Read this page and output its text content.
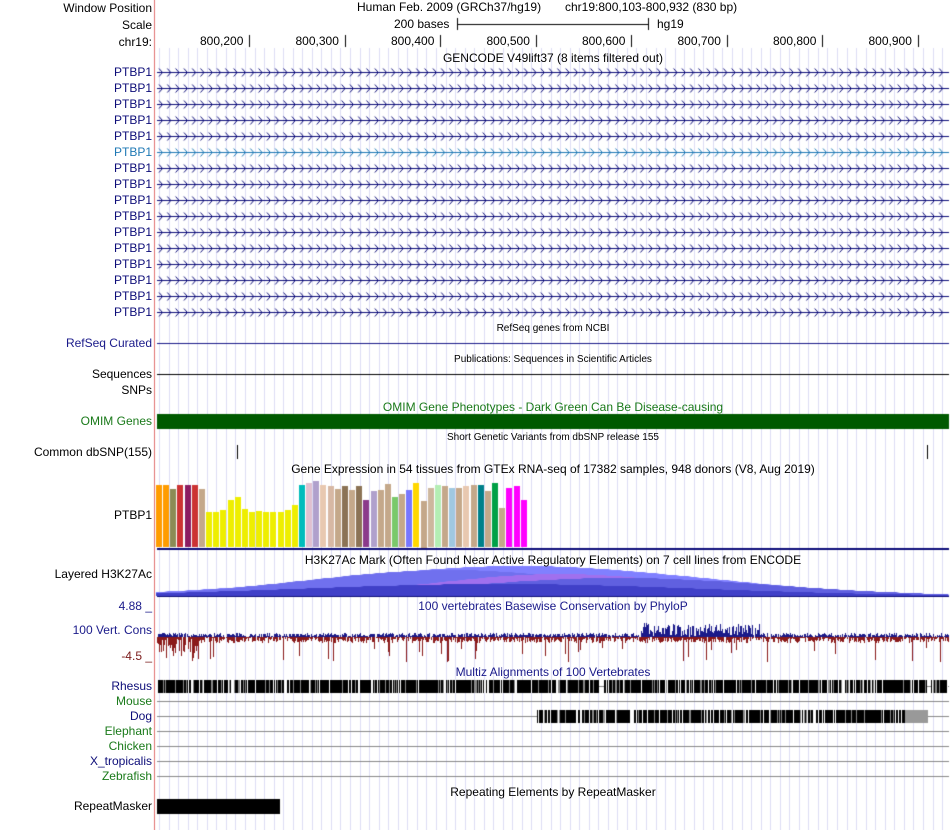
Window Position
Scale
chr19:
Human Feb. 2009 (GRCh37/hg19) chr19:800,103-800,932 (830 bp)
200 bases	hg19
800,200	800,300	800,400	800,500	800,600	800,700	800,800	800,900
GENCODE V49lift37 (8 items filtered out)
PTBP1
PTBP1
PTBP1
PTBP1
PTBP1
PTBP1
PTBP1
PTBP1
PTBP1
PTBP1
PTBP1
PTBP1
PTBP1
PTBP1
PTBP1
PTBP1
RefSeq genes from NCBI
RefSeq Curated
Publications: Sequences in Scientific Articles
Sequences
SNPs
OMIM Gene Phenotypes - Dark Green Can Be Disease-causing
OMIM Genes
Short Genetic Variants from dbSNP release 155
Common dbSNP(155)
Gene Expression in 54 tissues from GTEx RNA-seq of 17382 samples, 948 donors (V8, Aug 2019)
PTBP1
H3K27Ac Mark (Often Found Near Active Regulatory Elements) on 7 cell lines from ENCODE
Layered H3K27Ac
100 vertebrates Basewise Conservation by PhyloP
4.88 _
100 Vert. Cons
-4.5 _
Multiz Alignments of 100 Vertebrates
Rhesus
Mouse
Dog
Elephant
Chicken
X_tropicalis
Zebrafish
Repeating Elements by RepeatMasker
RepeatMasker
